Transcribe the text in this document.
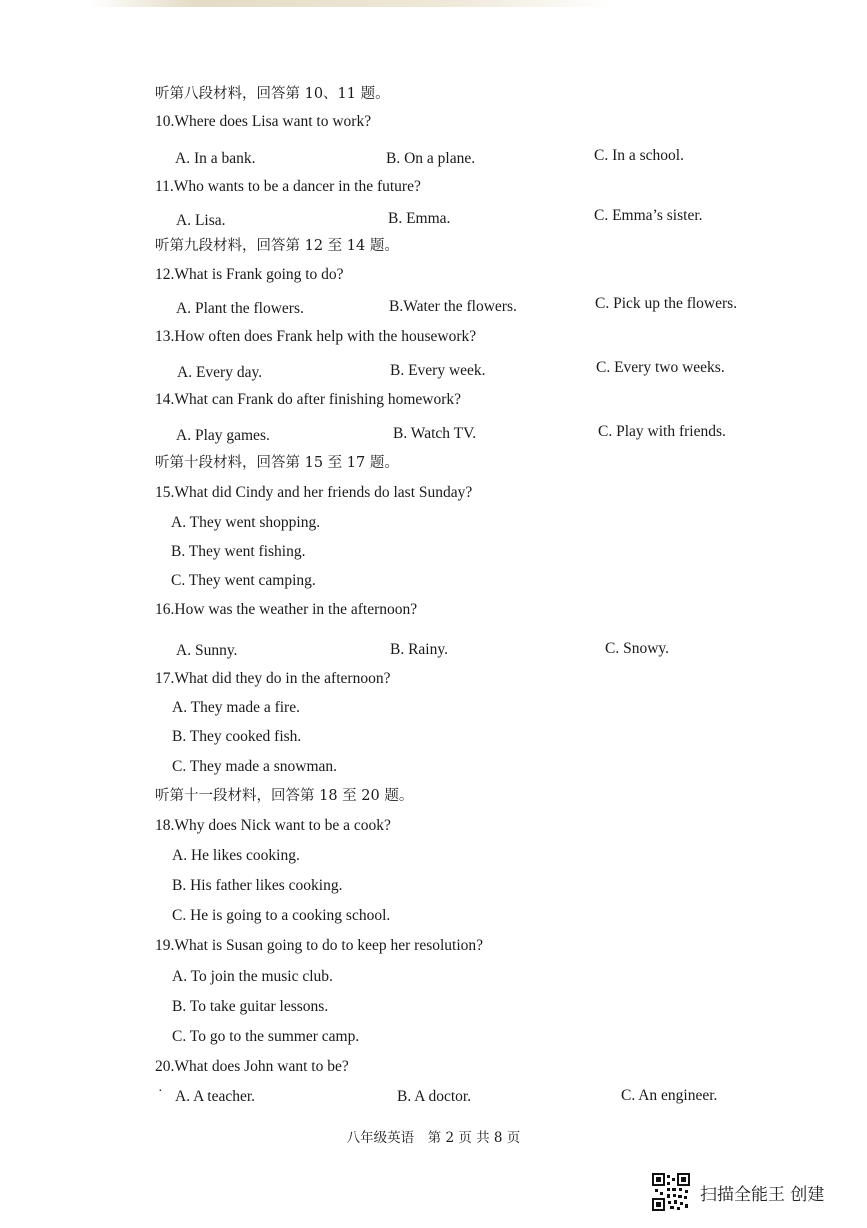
听第八段材料，回答第 10、11 题。
10.Where does Lisa want to work?
A. In a bank.	B. On a plane.	C. In a school.
11.Who wants to be a dancer in the future?
A. Lisa.	B. Emma.	C. Emma’s sister.
听第九段材料，回答第 12 至 14 题。
12.What is Frank going to do?
A. Plant the flowers.	B.Water the flowers.	C. Pick up the flowers.
13.How often does Frank help with the housework?
A. Every day.	B. Every week.	C. Every two weeks.
14.What can Frank do after finishing homework?
A. Play games.	B. Watch TV.	C. Play with friends.
听第十段材料，回答第 15 至 17 题。
15.What did Cindy and her friends do last Sunday?
A. They went shopping.
B. They went fishing.
C. They went camping.
16.How was the weather in the afternoon?
A. Sunny.	B. Rainy.	C. Snowy.
17.What did they do in the afternoon?
A. They made a fire.
B. They cooked fish.
C. They made a snowman.
听第十一段材料，回答第 18 至 20 题。
18.Why does Nick want to be a cook?
A. He likes cooking.
B. His father likes cooking.
C. He is going to a cooking school.
19.What is Susan going to do to keep her resolution?
A. To join the music club.
B. To take guitar lessons.
C. To go to the summer camp.
20.What does John want to be?
· A. A teacher.	B. A doctor.	C. An engineer.
八年级英语　第 2 页 共 8 页
扫描全能王 创建
